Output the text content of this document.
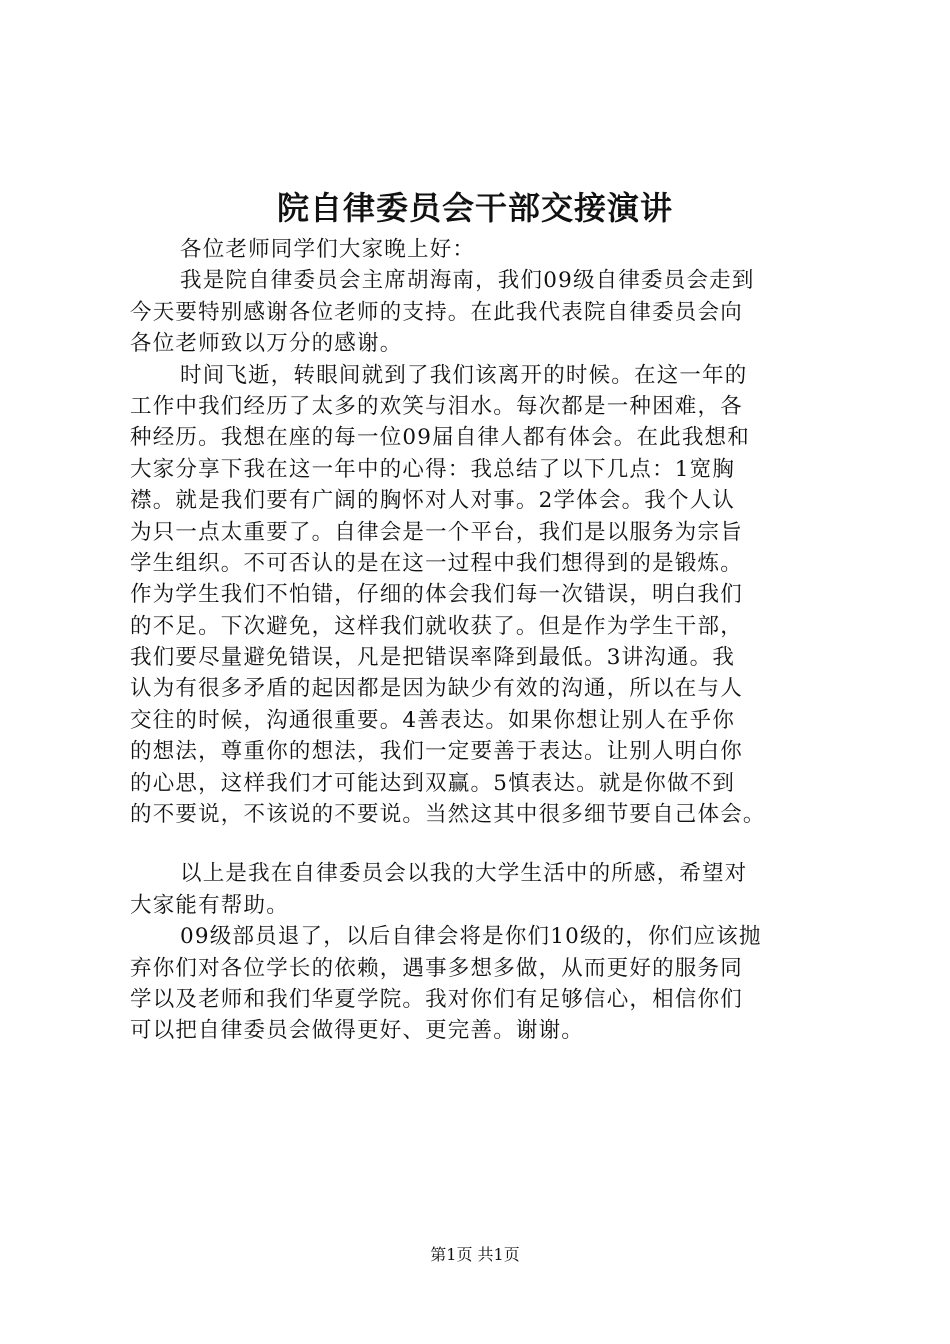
院自律委员会干部交接演讲
各位老师同学们大家晚上好：
我是院自律委员会主席胡海南，我们09级自律委员会走到
今天要特别感谢各位老师的支持。在此我代表院自律委员会向
各位老师致以万分的感谢。
时间飞逝，转眼间就到了我们该离开的时候。在这一年的
工作中我们经历了太多的欢笑与泪水。每次都是一种困难，各
种经历。我想在座的每一位09届自律人都有体会。在此我想和
大家分享下我在这一年中的心得：我总结了以下几点：1宽胸
襟。就是我们要有广阔的胸怀对人对事。2学体会。我个人认
为只一点太重要了。自律会是一个平台，我们是以服务为宗旨
学生组织。不可否认的是在这一过程中我们想得到的是锻炼。
作为学生我们不怕错，仔细的体会我们每一次错误，明白我们
的不足。下次避免，这样我们就收获了。但是作为学生干部，
我们要尽量避免错误，凡是把错误率降到最低。3讲沟通。我
认为有很多矛盾的起因都是因为缺少有效的沟通，所以在与人
交往的时候，沟通很重要。4善表达。如果你想让别人在乎你
的想法，尊重你的想法，我们一定要善于表达。让别人明白你
的心思，这样我们才可能达到双赢。5慎表达。就是你做不到
的不要说，不该说的不要说。当然这其中很多细节要自己体会。
以上是我在自律委员会以我的大学生活中的所感，希望对
大家能有帮助。
09级部员退了，以后自律会将是你们10级的，你们应该抛
弃你们对各位学长的依赖，遇事多想多做，从而更好的服务同
学以及老师和我们华夏学院。我对你们有足够信心，相信你们
可以把自律委员会做得更好、更完善。谢谢。
第1页 共1页
